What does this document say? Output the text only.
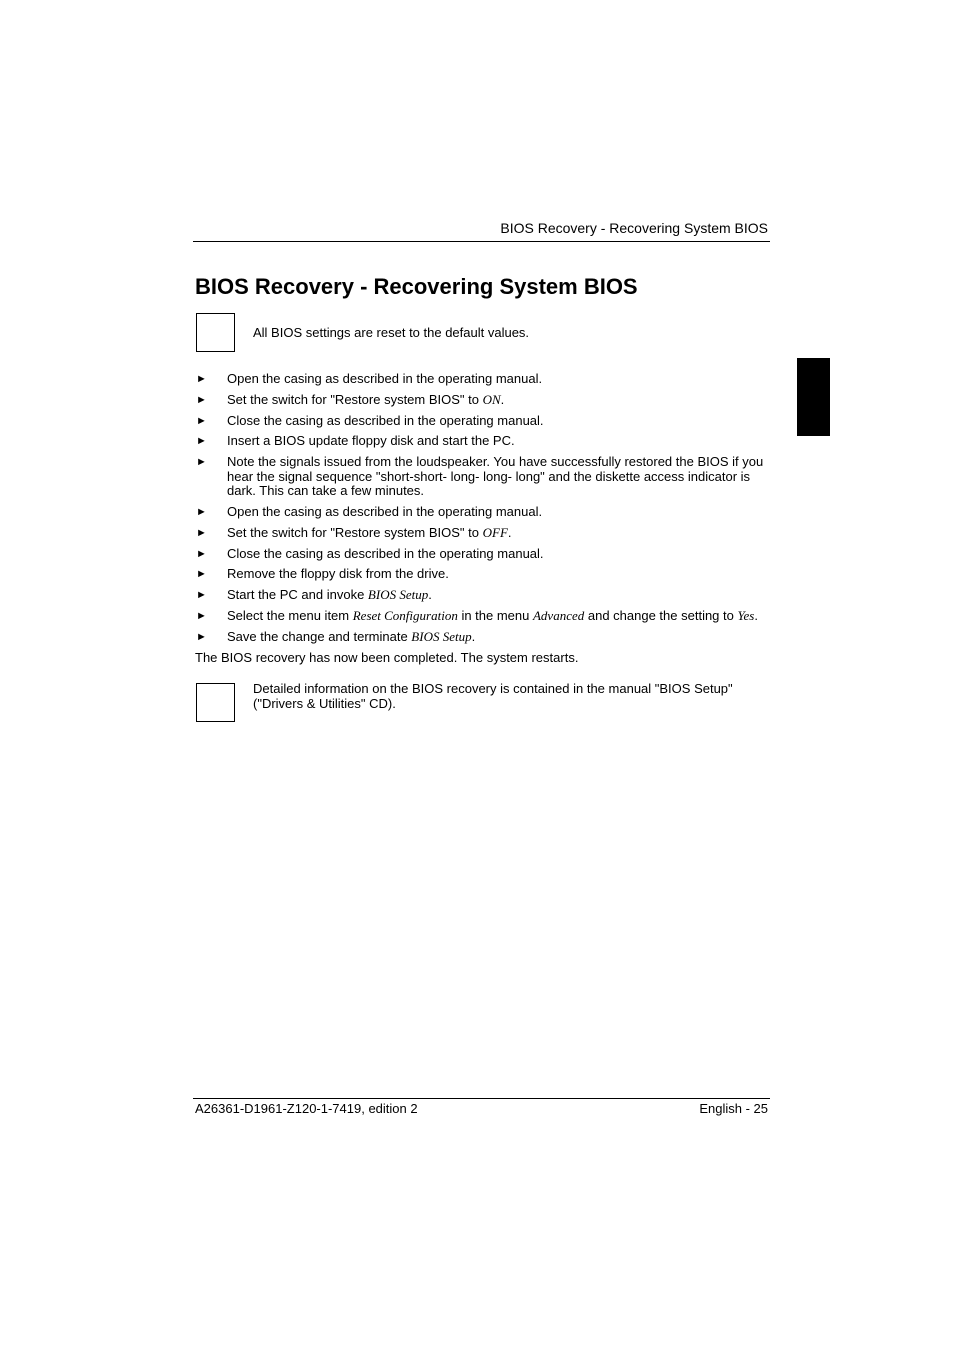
BIOS Recovery - Recovering System BIOS
BIOS Recovery - Recovering System BIOS
All BIOS settings are reset to the default values.
► Open the casing as described in the operating manual.
► Set the switch for "Restore system BIOS" to ON.
► Close the casing as described in the operating manual.
► Insert a BIOS update floppy disk and start the PC.
► Note the signals issued from the loudspeaker. You have successfully restored the BIOS if you hear the signal sequence "short-short- long- long- long" and the diskette access indicator is dark. This can take a few minutes.
► Open the casing as described in the operating manual.
► Set the switch for "Restore system BIOS" to OFF.
► Close the casing as described in the operating manual.
► Remove the floppy disk from the drive.
► Start the PC and invoke BIOS Setup.
► Select the menu item Reset Configuration in the menu Advanced and change the setting to Yes.
► Save the change and terminate BIOS Setup.
The BIOS recovery has now been completed. The system restarts.
Detailed information on the BIOS recovery is contained in the manual "BIOS Setup" ("Drivers & Utilities" CD).
A26361-D1961-Z120-1-7419, edition 2	English - 25
